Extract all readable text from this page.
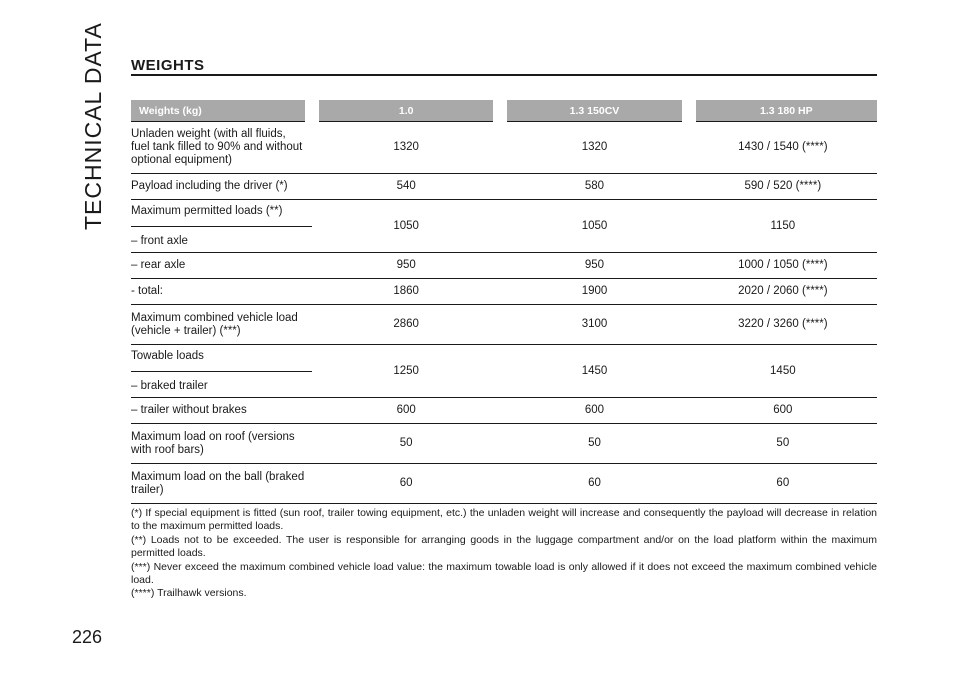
TECHNICAL DATA WEIGHTS
Weights (kg)	1.0	1.3 150CV	1.3 180 HP
Unladen weight (with all fluids, fuel tank filled to 90% and without optional equipment)	1320	1320	1430 / 1540 (****)
Payload including the driver (*)	540	580	590 / 520 (****)

Maximum permitted loads (**)
– front axle	1050	1050	1150
– rear axle	950	950	1000 / 1050 (****)
- total:	1860	1900	2020 / 2060 (****)
Maximum combined vehicle load (vehicle + trailer) (***)	2860	3100	3220 / 3260 (****)

Towable loads
– braked trailer	1250	1450	1450
– trailer without brakes	600	600	600
Maximum load on roof (versions with roof bars)	50	50	50
Maximum load on the ball (braked trailer)	60	60	60
(*) If special equipment is fitted (sun roof, trailer towing equipment, etc.) the unladen weight will increase and consequently the payload will decrease in relation to the maximum permitted loads.
(**) Loads not to be exceeded. The user is responsible for arranging goods in the luggage compartment and/or on the load platform within the maximum permitted loads.
(***) Never exceed the maximum combined vehicle load value: the maximum towable load is only allowed if it does not exceed the maximum combined vehicle load.
(****) Trailhawk versions.
226
